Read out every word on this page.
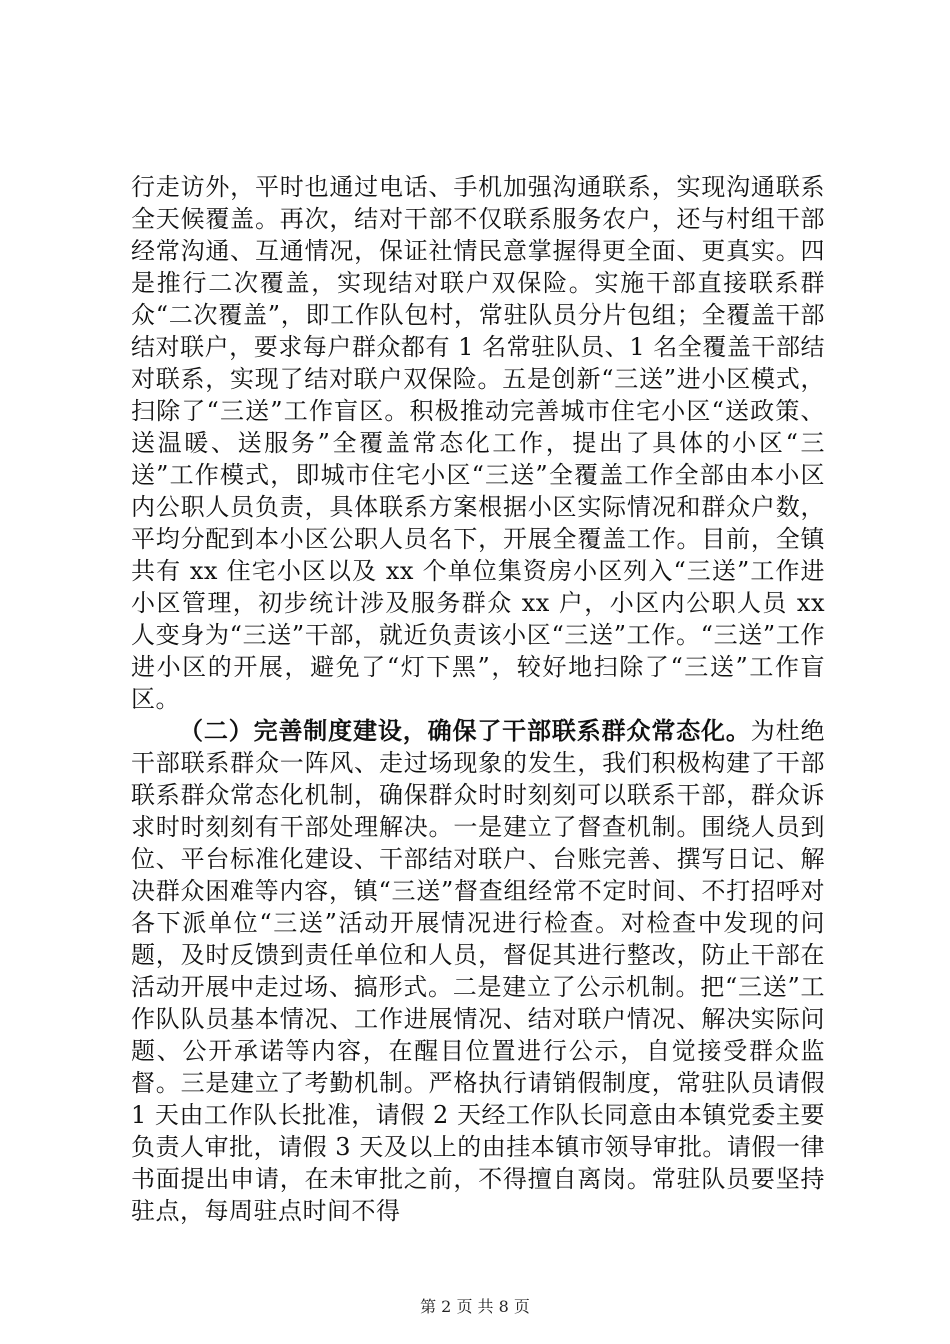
行走访外，平时也通过电话、手机加强沟通联系，实现沟通联系全天候覆盖。再次，结对干部不仅联系服务农户，还与村组干部经常沟通、互通情况，保证社情民意掌握得更全面、更真实。四是推行二次覆盖，实现结对联户双保险。实施干部直接联系群众“二次覆盖”，即工作队包村，常驻队员分片包组；全覆盖干部结对联户，要求每户群众都有 1 名常驻队员、1 名全覆盖干部结对联系，实现了结对联户双保险。五是创新“三送”进小区模式，扫除了“三送”工作盲区。积极推动完善城市住宅小区“送政策、送温暖、送服务”全覆盖常态化工作，提出了具体的小区“三送”工作模式，即城市住宅小区“三送”全覆盖工作全部由本小区内公职人员负责，具体联系方案根据小区实际情况和群众户数，平均分配到本小区公职人员名下，开展全覆盖工作。目前，全镇共有 xx 住宅小区以及 xx 个单位集资房小区列入“三送”工作进小区管理，初步统计涉及服务群众 xx 户，小区内公职人员 xx 人变身为“三送”干部，就近负责该小区“三送”工作。“三送”工作进小区的开展，避免了“灯下黑”，较好地扫除了“三送”工作盲区。

（二）完善制度建设，确保了干部联系群众常态化。为杜绝干部联系群众一阵风、走过场现象的发生，我们积极构建了干部联系群众常态化机制，确保群众时时刻刻可以联系干部，群众诉求时时刻刻有干部处理解决。一是建立了督查机制。围绕人员到位、平台标准化建设、干部结对联户、台账完善、撰写日记、解决群众困难等内容，镇“三送”督查组经常不定时间、不打招呼对各下派单位“三送”活动开展情况进行检查。对检查中发现的问题，及时反馈到责任单位和人员，督促其进行整改，防止干部在活动开展中走过场、搞形式。二是建立了公示机制。把“三送”工作队队员基本情况、工作进展情况、结对联户情况、解决实际问题、公开承诺等内容，在醒目位置进行公示，自觉接受群众监督。三是建立了考勤机制。严格执行请销假制度，常驻队员请假 1 天由工作队长批准，请假 2 天经工作队长同意由本镇党委主要负责人审批，请假 3 天及以上的由挂本镇市领导审批。请假一律书面提出申请，在未审批之前，不得擅自离岗。常驻队员要坚持驻点，每周驻点时间不得

第 2 页 共 8 页
